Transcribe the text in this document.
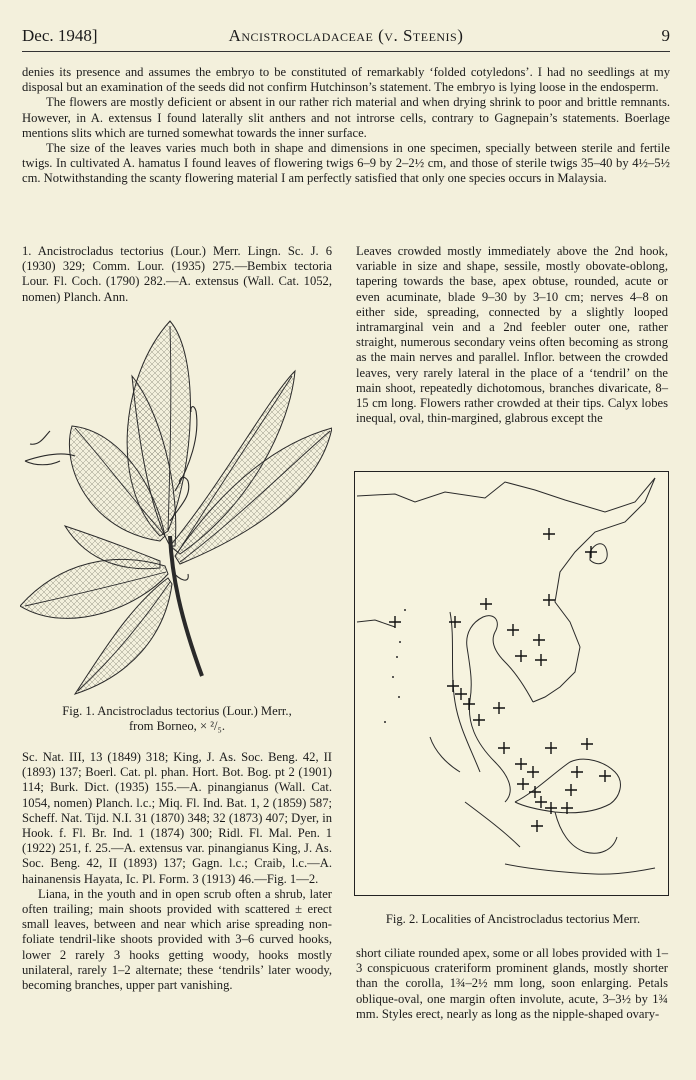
Dec. 1948]	Ancistrocladaceae (v. Steenis)	9

denies its presence and assumes the embryo to be constituted of remarkably ‘folded cotyledons’. I had no seedlings at my disposal but an examination of the seeds did not confirm Hutchinson’s statement. The embryo is lying loose in the endosperm.

The flowers are mostly deficient or absent in our rather rich material and when drying shrink to poor and brittle remnants. However, in A. extensus I found laterally slit anthers and not introrse cells, contrary to Gagnepain’s statements. Boerlage mentions slits which are turned somewhat towards the inner surface.

The size of the leaves varies much both in shape and dimensions in one specimen, specially between sterile and fertile twigs. In cultivated A. hamatus I found leaves of flowering twigs 6–9 by 2–2½ cm, and those of sterile twigs 35–40 by 4½–5½ cm. Notwithstanding the scanty flowering material I am perfectly satisfied that only one species occurs in Malaysia.

1. Ancistrocladus tectorius (Lour.) Merr. Lingn. Sc. J. 6 (1930) 329; Comm. Lour. (1935) 275.—Bembix tectoria Lour. Fl. Coch. (1790) 282.—A. extensus (Wall. Cat. 1052, nomen) Planch. Ann.

Fig. 1. Ancistrocladus tectorius (Lour.) Merr.,
from Borneo, × ²/₅.

Sc. Nat. III, 13 (1849) 318; King, J. As. Soc. Beng. 42, II (1893) 137; Boerl. Cat. pl. phan. Hort. Bot. Bog. pt 2 (1901) 114; Burk. Dict. (1935) 155.—A. pinangianus (Wall. Cat. 1054, nomen) Planch. l.c.; Miq. Fl. Ind. Bat. 1, 2 (1859) 587; Scheff. Nat. Tijd. N.I. 31 (1870) 348; 32 (1873) 407; Dyer, in Hook. f. Fl. Br. Ind. 1 (1874) 300; Ridl. Fl. Mal. Pen. 1 (1922) 251, f. 25.—A. extensus var. pinangianus King, J. As. Soc. Beng. 42, II (1893) 137; Gagn. l.c.; Craib, l.c.—A. hainanensis Hayata, Ic. Pl. Form. 3 (1913) 46.—Fig. 1—2.

Liana, in the youth and in open scrub often a shrub, later often trailing; main shoots provided with scattered ± erect small leaves, between and near which arise spreading non-foliate tendril-like shoots provided with 3–6 curved hooks, lower 2 rarely 3 hooks getting woody, hooks mostly unilateral, rarely 1–2 alternate; these ‘tendrils’ later woody, becoming branches, upper part vanishing.

Leaves crowded mostly immediately above the 2nd hook, variable in size and shape, sessile, mostly obovate-oblong, tapering towards the base, apex obtuse, rounded, acute or even acuminate, blade 9–30 by 3–10 cm; nerves 4–8 on either side, spreading, connected by a slightly looped intramarginal vein and a 2nd feebler outer one, rather straight, numerous secondary veins often becoming as strong as the main nerves and parallel. Inflor. between the crowded leaves, very rarely lateral in the place of a ‘tendril’ on the main shoot, repeatedly dichotomous, branches divaricate, 8–15 cm long. Flowers rather crowded at their tips. Calyx lobes inequal, oval, thin-margined, glabrous except the

Fig. 2. Localities of Ancistrocladus tectorius Merr.

short ciliate rounded apex, some or all lobes provided with 1–3 conspicuous crateriform prominent glands, mostly shorter than the corolla, 1¾–2½ mm long, soon enlarging. Petals oblique-oval, one margin often involute, acute, 3–3½ by 1¾ mm. Styles erect, nearly as long as the nipple-shaped ovary-
